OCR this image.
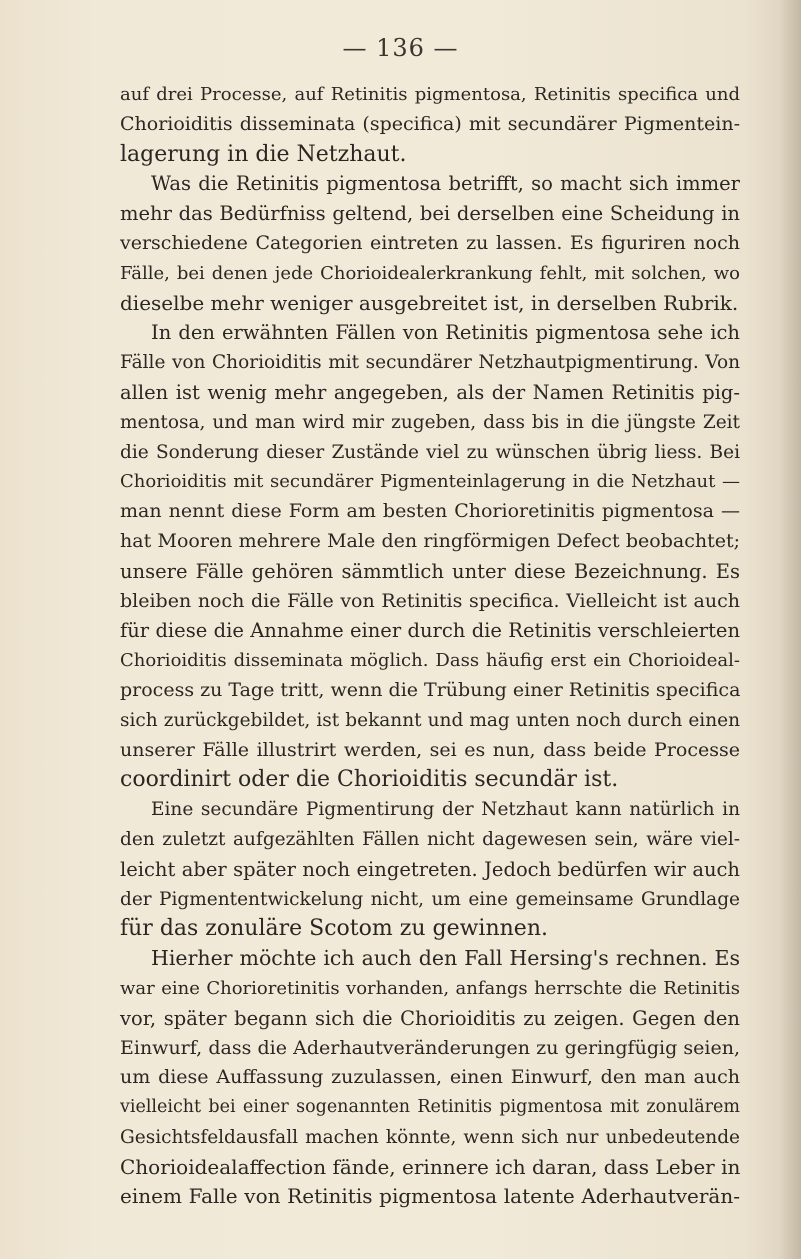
— 136 —
auf drei Processe, auf Retinitis pigmentosa, Retinitis specifica und
Chorioiditis disseminata (specifica) mit secundärer Pigmentein-
lagerung in die Netzhaut.
Was die Retinitis pigmentosa betrifft, so macht sich immer
mehr das Bedürfniss geltend, bei derselben eine Scheidung in
verschiedene Categorien eintreten zu lassen. Es figuriren noch
Fälle, bei denen jede Chorioidealerkrankung fehlt, mit solchen, wo
dieselbe mehr weniger ausgebreitet ist, in derselben Rubrik.
In den erwähnten Fällen von Retinitis pigmentosa sehe ich
Fälle von Chorioiditis mit secundärer Netzhautpigmentirung. Von
allen ist wenig mehr angegeben, als der Namen Retinitis pig-
mentosa, und man wird mir zugeben, dass bis in die jüngste Zeit
die Sonderung dieser Zustände viel zu wünschen übrig liess. Bei
Chorioiditis mit secundärer Pigmenteinlagerung in die Netzhaut —
man nennt diese Form am besten Chorioretinitis pigmentosa —
hat Mooren mehrere Male den ringförmigen Defect beobachtet;
unsere Fälle gehören sämmtlich unter diese Bezeichnung. Es
bleiben noch die Fälle von Retinitis specifica. Vielleicht ist auch
für diese die Annahme einer durch die Retinitis verschleierten
Chorioiditis disseminata möglich. Dass häufig erst ein Chorioideal-
process zu Tage tritt, wenn die Trübung einer Retinitis specifica
sich zurückgebildet, ist bekannt und mag unten noch durch einen
unserer Fälle illustrirt werden, sei es nun, dass beide Processe
coordinirt oder die Chorioiditis secundär ist.
Eine secundäre Pigmentirung der Netzhaut kann natürlich in
den zuletzt aufgezählten Fällen nicht dagewesen sein, wäre viel-
leicht aber später noch eingetreten. Jedoch bedürfen wir auch
der Pigmententwickelung nicht, um eine gemeinsame Grundlage
für das zonuläre Scotom zu gewinnen.
Hierher möchte ich auch den Fall Hersing's rechnen. Es
war eine Chorioretinitis vorhanden, anfangs herrschte die Retinitis
vor, später begann sich die Chorioiditis zu zeigen. Gegen den
Einwurf, dass die Aderhautveränderungen zu geringfügig seien,
um diese Auffassung zuzulassen, einen Einwurf, den man auch
vielleicht bei einer sogenannten Retinitis pigmentosa mit zonulärem
Gesichtsfeldausfall machen könnte, wenn sich nur unbedeutende
Chorioidealaffection fände, erinnere ich daran, dass Leber in
einem Falle von Retinitis pigmentosa latente Aderhautverän-
